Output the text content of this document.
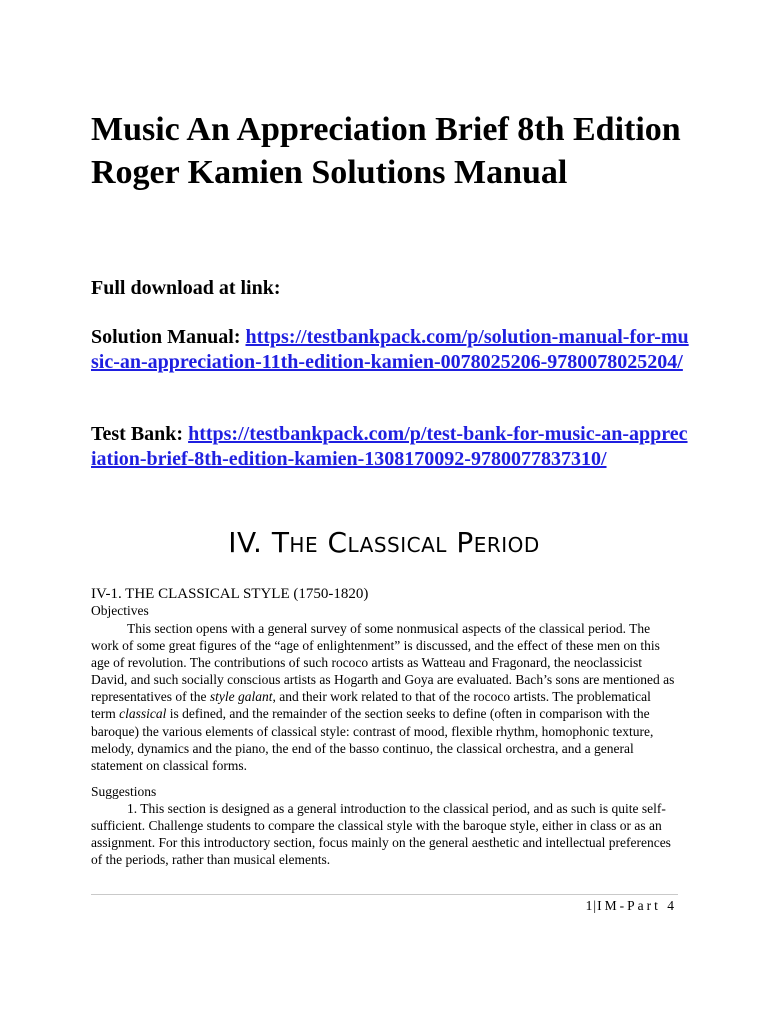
Music An Appreciation Brief 8th Edition Roger Kamien Solutions Manual

Full download at link:

Solution Manual: https://testbankpack.com/p/solution-manual-for-music-an-appreciation-11th-edition-kamien-0078025206-9780078025204/

Test Bank: https://testbankpack.com/p/test-bank-for-music-an-appreciation-brief-8th-edition-kamien-1308170092-9780077837310/

IV. The Classical Period

IV-1. THE CLASSICAL STYLE (1750-1820)

Objectives

This section opens with a general survey of some nonmusical aspects of the classical period. The work of some great figures of the “age of enlightenment” is discussed, and the effect of these men on this age of revolution. The contributions of such rococo artists as Watteau and Fragonard, the neoclassicist David, and such socially conscious artists as Hogarth and Goya are evaluated. Bach’s sons are mentioned as representatives of the style galant, and their work related to that of the rococo artists. The problematical term classical is defined, and the remainder of the section seeks to define (often in comparison with the baroque) the various elements of classical style: contrast of mood, flexible rhythm, homophonic texture, melody, dynamics and the piano, the end of the basso continuo, the classical orchestra, and a general statement on classical forms.

Suggestions

1. This section is designed as a general introduction to the classical period, and as such is quite self-sufficient. Challenge students to compare the classical style with the baroque style, either in class or as an assignment. For this introductory section, focus mainly on the general aesthetic and intellectual preferences of the periods, rather than musical elements.

1|IM-Part 4
